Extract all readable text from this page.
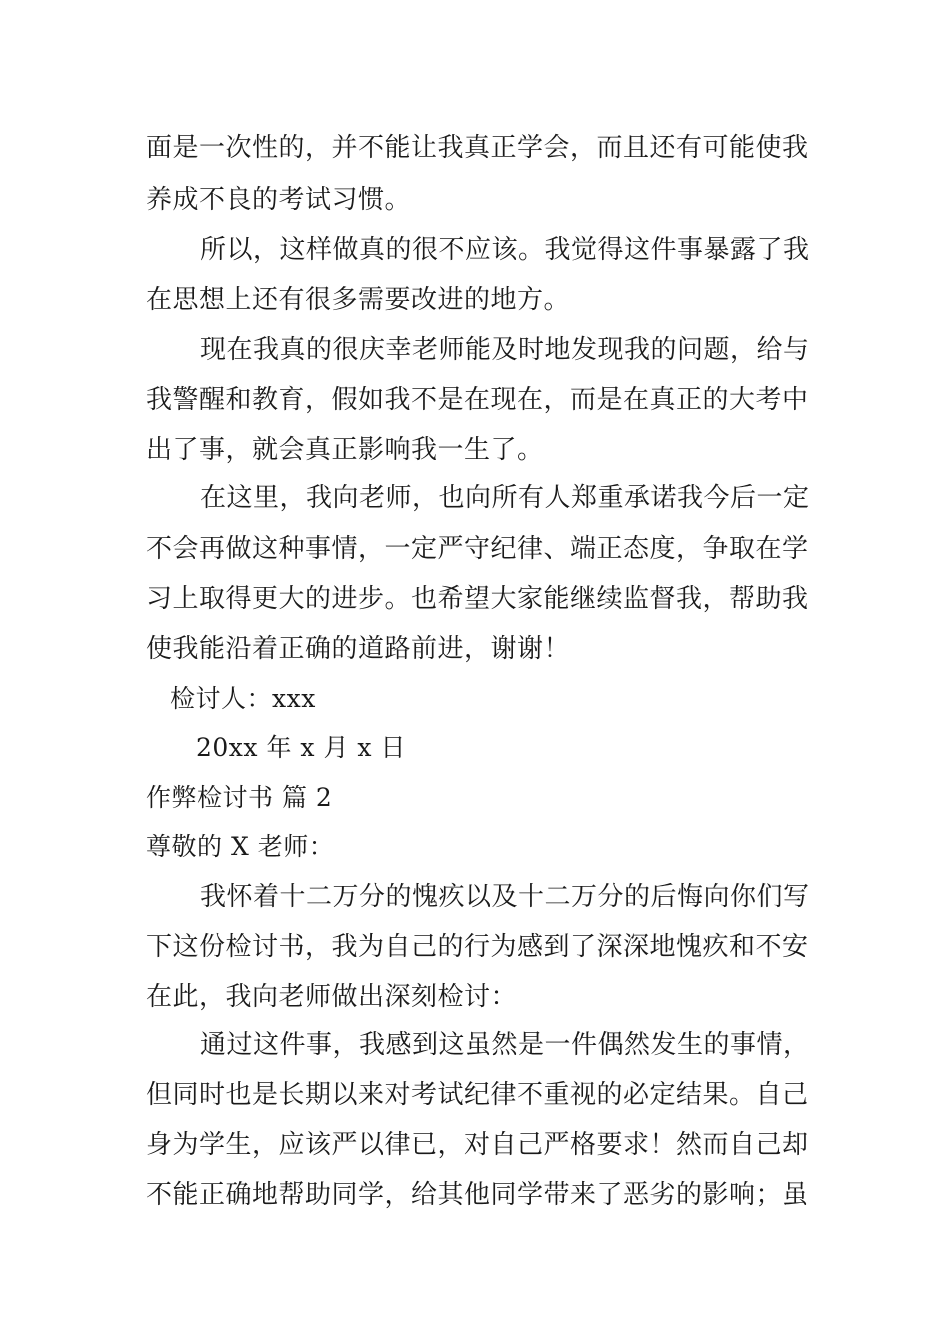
面是一次性的，并不能让我真正学会，而且还有可能使我
养成不良的考试习惯。
所以，这样做真的很不应该。我觉得这件事暴露了我
在思想上还有很多需要改进的地方。
现在我真的很庆幸老师能及时地发现我的问题，给与
我警醒和教育，假如我不是在现在，而是在真正的大考中
出了事，就会真正影响我一生了。
在这里，我向老师，也向所有人郑重承诺我今后一定
不会再做这种事情，一定严守纪律、端正态度，争取在学
习上取得更大的进步。也希望大家能继续监督我，帮助我
使我能沿着正确的道路前进，谢谢！
检讨人：xxx
20xx 年 x 月 x 日
作弊检讨书 篇 2
尊敬的 X 老师：
我怀着十二万分的愧疚以及十二万分的后悔向你们写
下这份检讨书，我为自己的行为感到了深深地愧疚和不安
在此，我向老师做出深刻检讨：
通过这件事，我感到这虽然是一件偶然发生的事情，
但同时也是长期以来对考试纪律不重视的必定结果。自己
身为学生，应该严以律已，对自己严格要求！然而自己却
不能正确地帮助同学，给其他同学带来了恶劣的影响；虽
